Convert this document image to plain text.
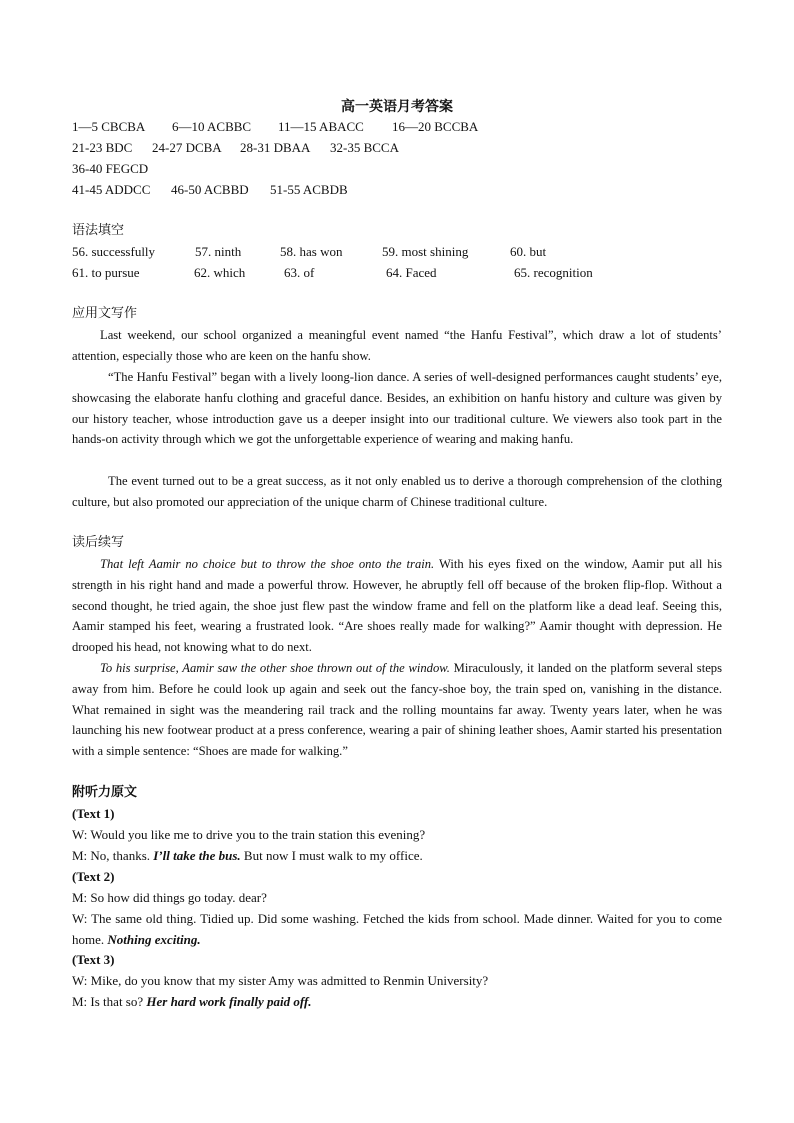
高一英语月考答案
1—5 CBCBA 6—10 ACBBC 11—15 ABACC 16—20 BCCBA
21-23 BDC 24-27 DCBA 28-31 DBAA 32-35 BCCA
36-40 FEGCD
41-45 ADDCC 46-50 ACBBD 51-55 ACBDB
语法填空
56. successfully	57. ninth	58. has won	59. most shining	60. but
61. to pursue	62. which	63. of	64. Faced	65. recognition
应用文写作
Last weekend, our school organized a meaningful event named “the Hanfu Festival”, which draw a lot of students’ attention, especially those who are keen on the hanfu show.
“The Hanfu Festival” began with a lively loong-lion dance. A series of well-designed performances caught students’ eye, showcasing the elaborate hanfu clothing and graceful dance. Besides, an exhibition on hanfu history and culture was given by our history teacher, whose introduction gave us a deeper insight into our traditional culture. We viewers also took part in the hands-on activity through which we got the unforgettable experience of wearing and making hanfu.
The event turned out to be a great success, as it not only enabled us to derive a thorough comprehension of the clothing culture, but also promoted our appreciation of the unique charm of Chinese traditional culture.
读后续写
That left Aamir no choice but to throw the shoe onto the train. With his eyes fixed on the window, Aamir put all his strength in his right hand and made a powerful throw. However, he abruptly fell off because of the broken flip-flop. Without a second thought, he tried again, the shoe just flew past the window frame and fell on the platform like a dead leaf. Seeing this, Aamir stamped his feet, wearing a frustrated look. “Are shoes really made for walking?” Aamir thought with depression. He drooped his head, not knowing what to do next.
To his surprise, Aamir saw the other shoe thrown out of the window. Miraculously, it landed on the platform several steps away from him. Before he could look up again and seek out the fancy-shoe boy, the train sped on, vanishing in the distance. What remained in sight was the meandering rail track and the rolling mountains far away. Twenty years later, when he was launching his new footwear product at a press conference, wearing a pair of shining leather shoes, Aamir started his presentation with a simple sentence: “Shoes are made for walking.”
附听力原文
(Text 1)
W: Would you like me to drive you to the train station this evening?
M: No, thanks. I’ll take the bus. But now I must walk to my office.
(Text 2)
M: So how did things go today. dear?
W: The same old thing. Tidied up. Did some washing. Fetched the kids from school. Made dinner. Waited for you to come home. Nothing exciting.
(Text 3)
W: Mike, do you know that my sister Amy was admitted to Renmin University?
M: Is that so? Her hard work finally paid off.
